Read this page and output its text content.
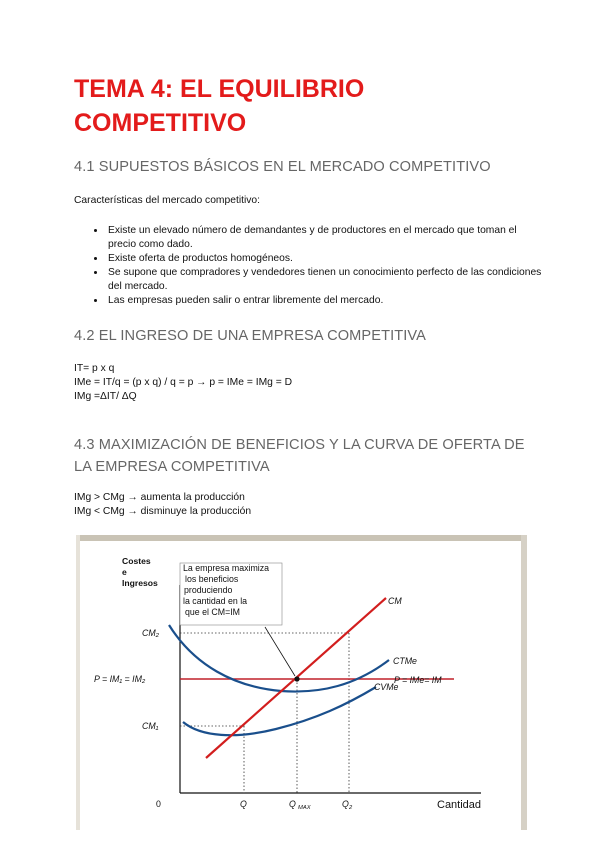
TEMA 4: EL EQUILIBRIO COMPETITIVO
4.1 SUPUESTOS BÁSICOS EN EL MERCADO COMPETITIVO
Características del mercado competitivo:
• Existe un elevado número de demandantes y de productores en el mercado que toman el precio como dado.
• Existe oferta de productos homogéneos.
• Se supone que compradores y vendedores tienen un conocimiento perfecto de las condiciones del mercado.
• Las empresas pueden salir o entrar libremente del mercado.
4.2 EL INGRESO DE UNA EMPRESA COMPETITIVA
IT= p x q
IMe = IT/q = (p x q) / q = p → p = IMe = IMg = D
IMg =ΔIT/ ΔQ
4.3 MAXIMIZACIÓN DE BENEFICIOS Y LA CURVA DE OFERTA DE LA EMPRESA COMPETITIVA
IMg > CMg → aumenta la producción
IMg < CMg → disminuye la producción
La empresa maximiza los beneficios produciendo la cantidad en la que el CM=IM
Costes
e
Ingresos
CM₂
P = IM₁ = IM₂
CM₁
0	Q	Q MAX	Q 2	Cantidad
CM
CTMe
CVMe
P = IMe= IM
